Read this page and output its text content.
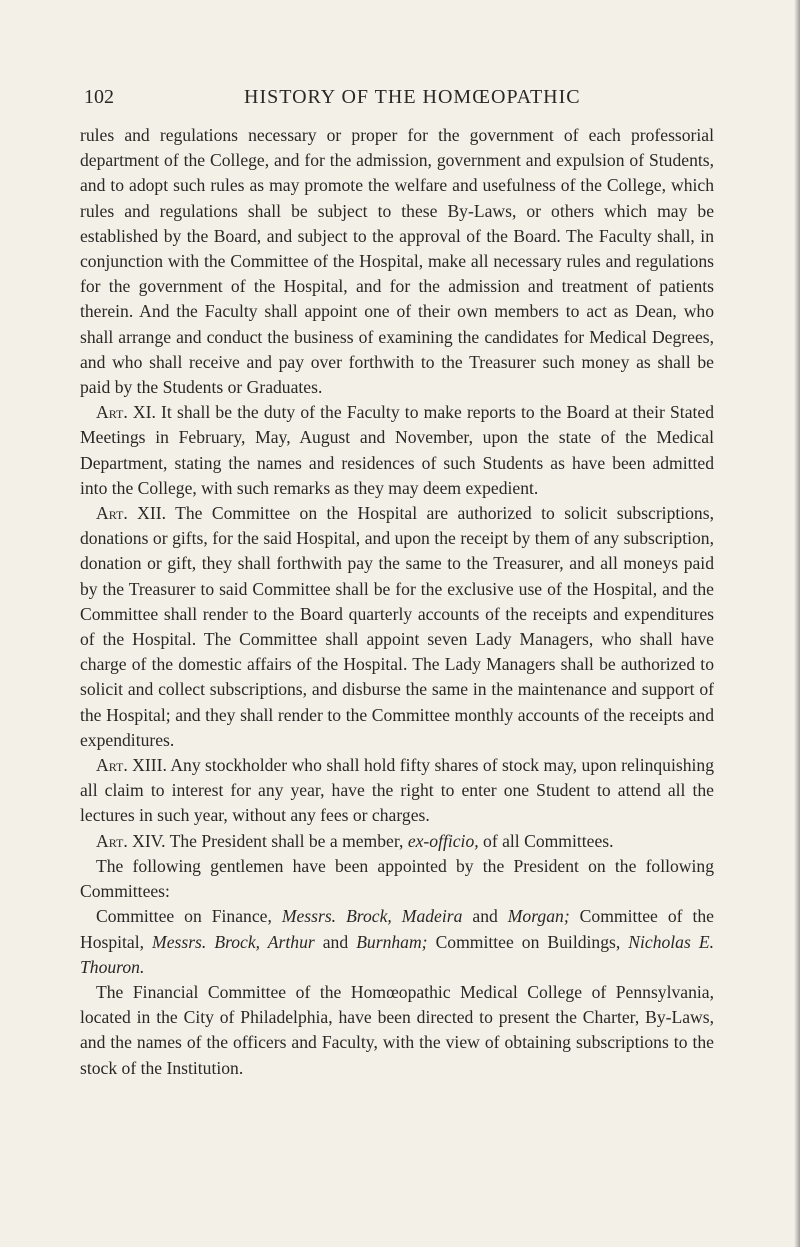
102	HISTORY OF THE HOMŒOPATHIC

rules and regulations necessary or proper for the government of each professorial department of the College, and for the admission, government and expulsion of Students, and to adopt such rules as may promote the welfare and usefulness of the College, which rules and regulations shall be subject to these By-Laws, or others which may be established by the Board, and subject to the approval of the Board. The Faculty shall, in conjunction with the Committee of the Hospital, make all necessary rules and regulations for the government of the Hospital, and for the admission and treatment of patients therein. And the Faculty shall appoint one of their own members to act as Dean, who shall arrange and conduct the business of examining the candidates for Medical Degrees, and who shall receive and pay over forthwith to the Treasurer such money as shall be paid by the Students or Graduates.

Art. XI. It shall be the duty of the Faculty to make reports to the Board at their Stated Meetings in February, May, August and November, upon the state of the Medical Department, stating the names and residences of such Students as have been admitted into the College, with such remarks as they may deem expedient.

Art. XII. The Committee on the Hospital are authorized to solicit subscriptions, donations or gifts, for the said Hospital, and upon the receipt by them of any subscription, donation or gift, they shall forthwith pay the same to the Treasurer, and all moneys paid by the Treasurer to said Committee shall be for the exclusive use of the Hospital, and the Committee shall render to the Board quarterly accounts of the receipts and expenditures of the Hospital. The Committee shall appoint seven Lady Managers, who shall have charge of the domestic affairs of the Hospital. The Lady Managers shall be authorized to solicit and collect subscriptions, and disburse the same in the maintenance and support of the Hospital; and they shall render to the Committee monthly accounts of the receipts and expenditures.

Art. XIII. Any stockholder who shall hold fifty shares of stock may, upon relinquishing all claim to interest for any year, have the right to enter one Student to attend all the lectures in such year, without any fees or charges.

Art. XIV. The President shall be a member, ex-officio, of all Committees.

The following gentlemen have been appointed by the President on the following Committees:

Committee on Finance, Messrs. Brock, Madeira and Morgan; Committee of the Hospital, Messrs. Brock, Arthur and Burnham; Committee on Buildings, Nicholas E. Thouron.

The Financial Committee of the Homœopathic Medical College of Pennsylvania, located in the City of Philadelphia, have been directed to present the Charter, By-Laws, and the names of the officers and Faculty, with the view of obtaining subscriptions to the stock of the Institution.
